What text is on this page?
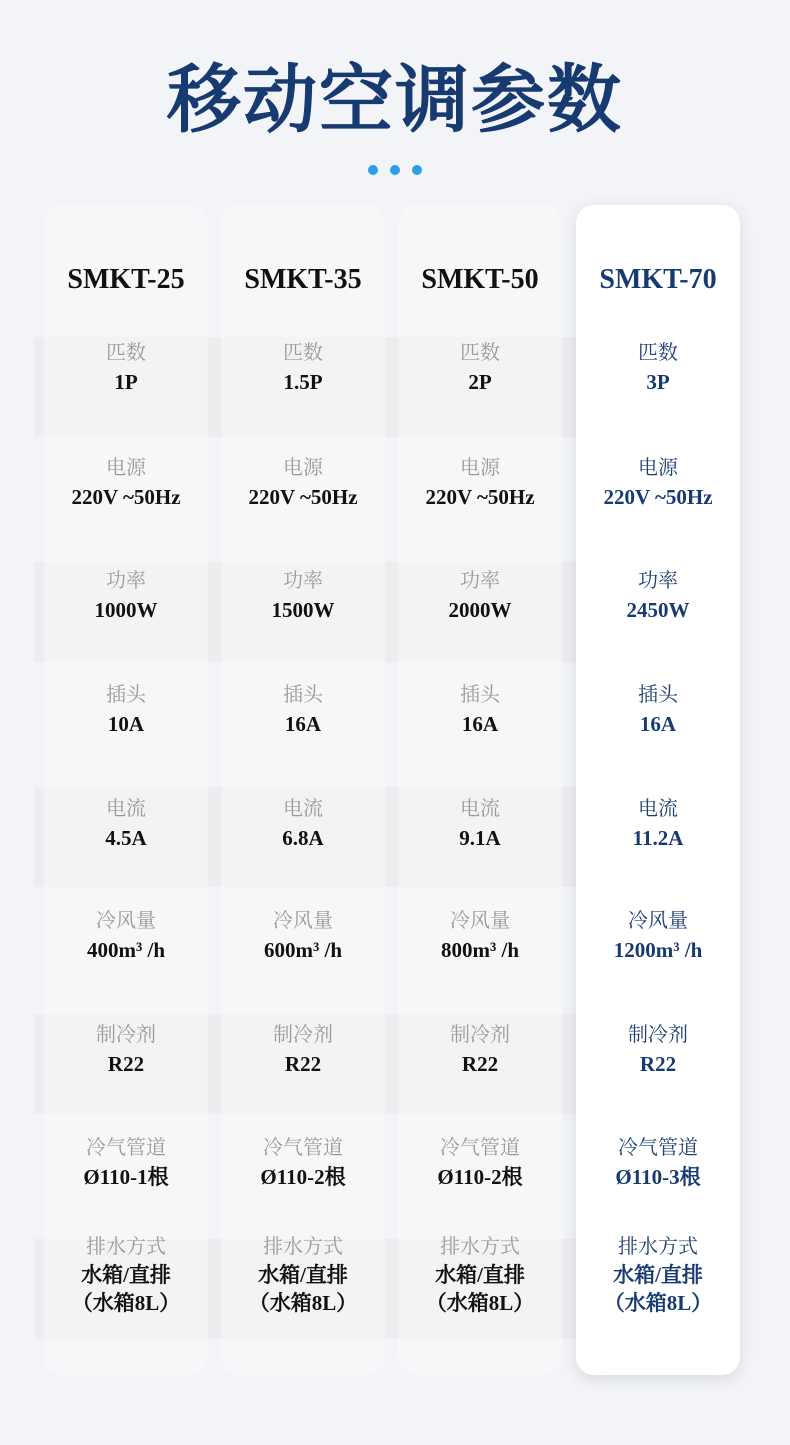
移动空调参数
SMKT-25
匹数
1P
电源
220V ~50Hz
功率
1000W
插头
10A
电流
4.5A
冷风量
400m³ /h
制冷剂
R22
冷气管道
Ø110-1根
排水方式
水箱/直排
（水箱8L）
SMKT-35
匹数
1.5P
电源
220V ~50Hz
功率
1500W
插头
16A
电流
6.8A
冷风量
600m³ /h
制冷剂
R22
冷气管道
Ø110-2根
排水方式
水箱/直排
（水箱8L）
SMKT-50
匹数
2P
电源
220V ~50Hz
功率
2000W
插头
16A
电流
9.1A
冷风量
800m³ /h
制冷剂
R22
冷气管道
Ø110-2根
排水方式
水箱/直排
（水箱8L）
SMKT-70
匹数
3P
电源
220V ~50Hz
功率
2450W
插头
16A
电流
11.2A
冷风量
1200m³ /h
制冷剂
R22
冷气管道
Ø110-3根
排水方式
水箱/直排
（水箱8L）
